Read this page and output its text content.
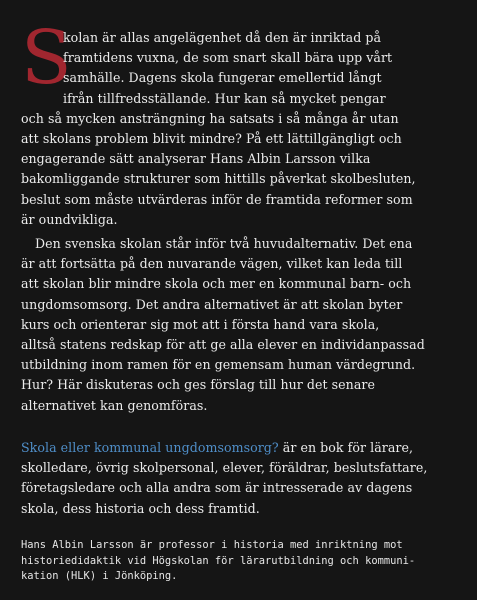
S
kolan är allas angelägenhet då den är inriktad på
framtidens vuxna, de som snart skall bära upp vårt
samhälle. Dagens skola fungerar emellertid långt
ifrån tillfredsställande. Hur kan så mycket pengar
och så mycken ansträngning ha satsats i så många år utan
att skolans problem blivit mindre? På ett lättillgängligt och
engagerande sätt analyserar Hans Albin Larsson vilka
bakomliggande strukturer som hittills påverkat skolbesluten,
beslut som måste utvärderas inför de framtida reformer som
är oundvikliga.
Den svenska skolan står inför två huvudalternativ. Det ena
är att fortsätta på den nuvarande vägen, vilket kan leda till
att skolan blir mindre skola och mer en kommunal barn- och
ungdomsomsorg. Det andra alternativet är att skolan byter
kurs och orienterar sig mot att i första hand vara skola,
alltså statens redskap för att ge alla elever en individanpassad
utbildning inom ramen för en gemensam human värdegrund.
Hur? Här diskuteras och ges förslag till hur det senare
alternativet kan genomföras.
Skola eller kommunal ungdomsomsorg? är en bok för lärare,
skolledare, övrig skolpersonal, elever, föräldrar, beslutsfattare,
företagsledare och alla andra som är intresserade av dagens
skola, dess historia och dess framtid.
Hans Albin Larsson är professor i historia med inriktning mot
historiedidaktik vid Högskolan för lärarutbildning och kommuni-
kation (HLK) i Jönköping.
